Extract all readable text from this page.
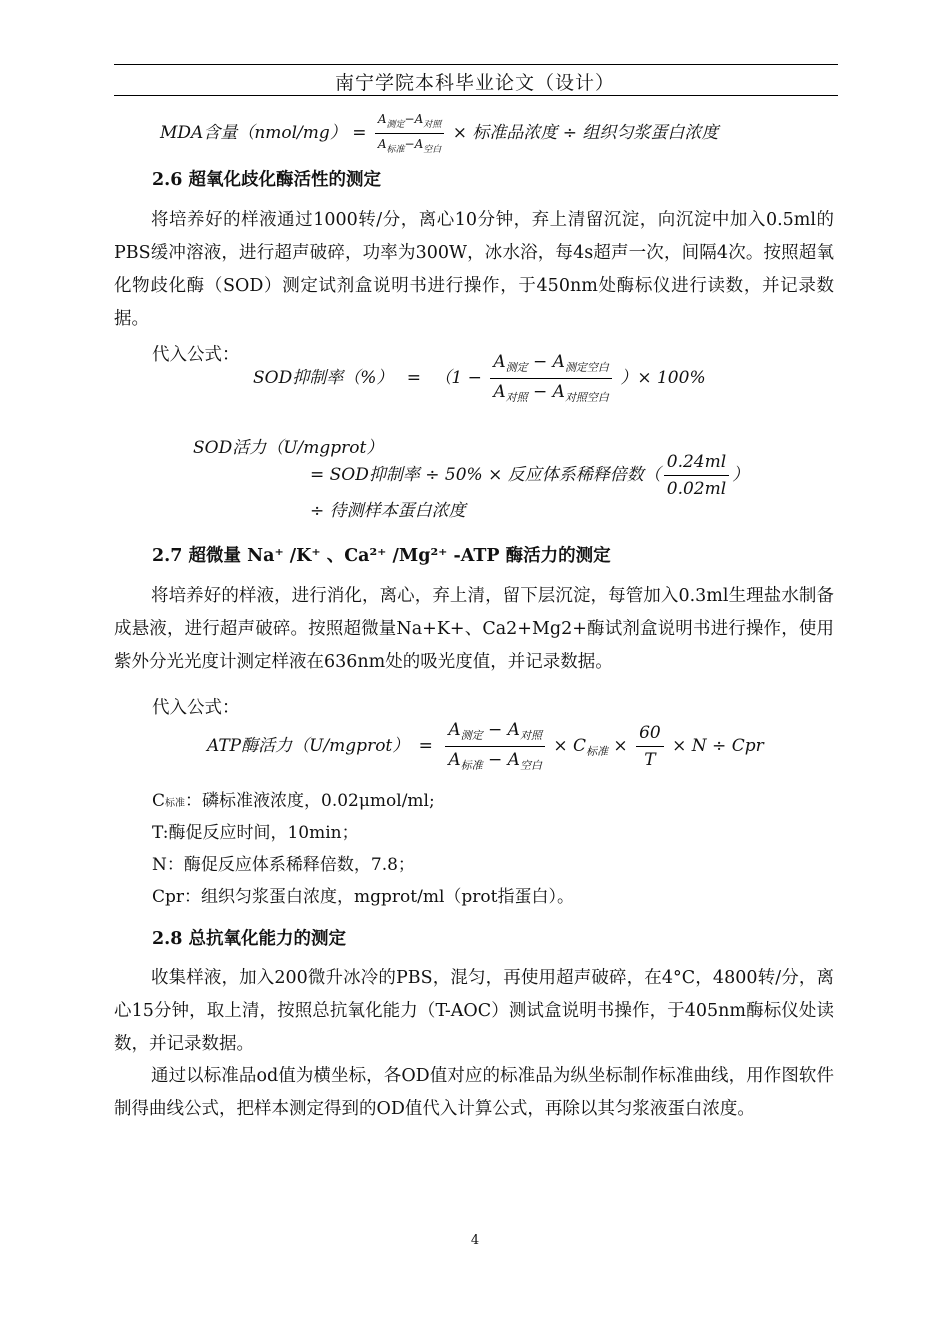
南宁学院本科毕业论文（设计）
MDA含量（nmol/mg） = $\frac{A_{测定}-A_{对照}}{A_{标准}-A_{空白}}$ × 标准品浓度 ÷ 组织匀浆蛋白浓度
2.6 超氧化歧化酶活性的测定
将培养好的样液通过1000转/分，离心10分钟，弃上清留沉淀，向沉淀中加入0.5ml的PBS缓冲溶液，进行超声破碎，功率为300W，冰水浴，每4s超声一次，间隔4次。按照超氧化物歧化酶（SOD）测定试剂盒说明书进行操作，于450nm处酶标仪进行读数，并记录数据。
代入公式：
SOD抑制率（%） = （$1 - \frac{A_{测定} - A_{测定空白}}{A_{对照} - A_{对照空白}}$ ）× 100%
SOD活力（U/mgprot）
= SOD抑制率 ÷ 50% × 反应体系稀释倍数（ $\frac{0.24ml}{0.02ml}$ ）
÷ 待测样本蛋白浓度
2.7 超微量 Na⁺ /K⁺ 、Ca²⁺ /Mg²⁺ -ATP 酶活力的测定
将培养好的样液，进行消化，离心，弃上清，留下层沉淀，每管加入0.3ml生理盐水制备成悬液，进行超声破碎。按照超微量Na+K+、Ca2+Mg2+酶试剂盒说明书进行操作，使用紫外分光光度计测定样液在636nm处的吸光度值，并记录数据。
代入公式：
ATP酶活力（U/mgprot） = $\frac{A_{测定} - A_{对照}}{A_{标准} - A_{空白}} \times C_{标准} \times \frac{60}{T} \times N$ ÷ Cpr
C标准：磷标准液浓度，0.02μmol/ml;
T:酶促反应时间，10min；
N：酶促反应体系稀释倍数，7.8；
Cpr：组织匀浆蛋白浓度，mgprot/ml（prot指蛋白）。
2.8 总抗氧化能力的测定
收集样液，加入200微升冰冷的PBS，混匀，再使用超声破碎，在4°C，4800转/分，离心15分钟，取上清，按照总抗氧化能力（T-AOC）测试盒说明书操作，于405nm酶标仪处读数，并记录数据。
通过以标准品od值为横坐标，各OD值对应的标准品为纵坐标制作标准曲线，用作图软件制得曲线公式，把样本测定得到的OD值代入计算公式，再除以其匀浆液蛋白浓度。
4
